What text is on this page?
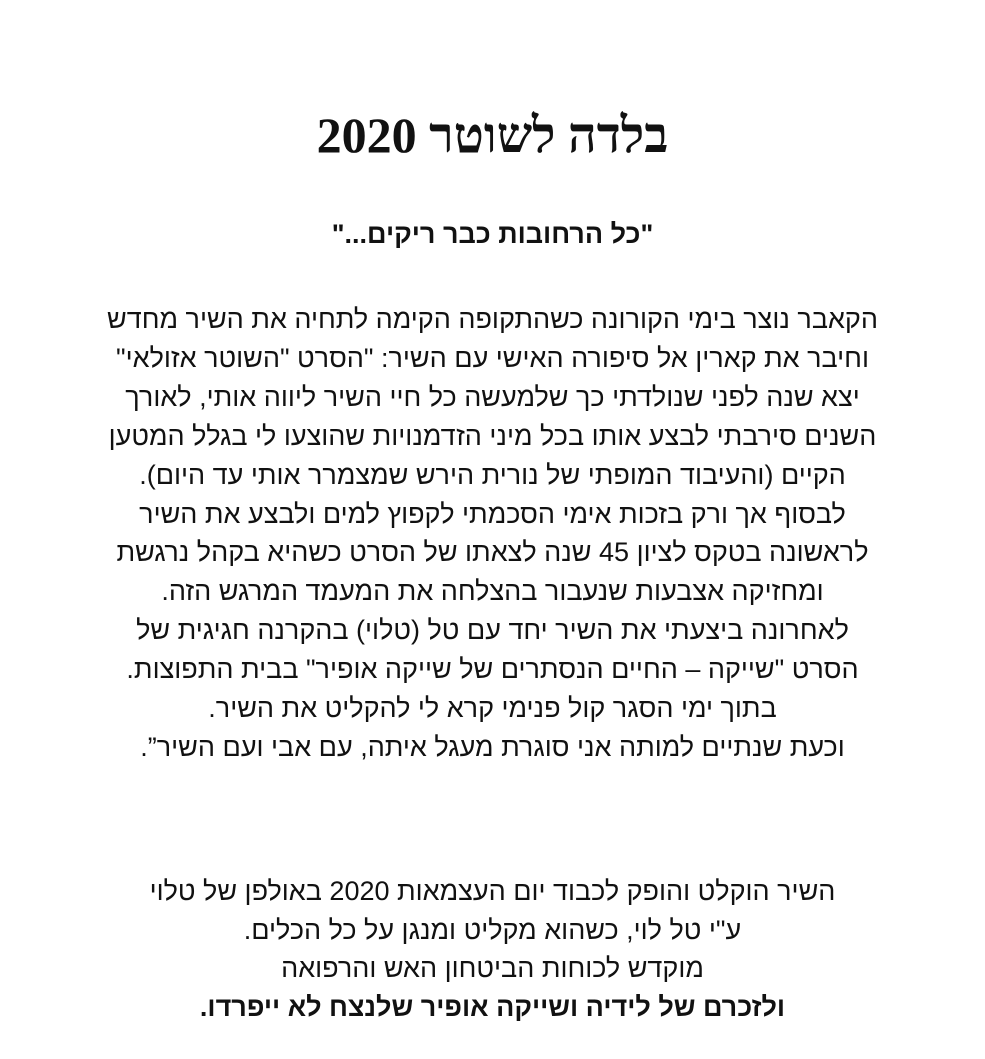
בלדה לשוטר 2020
"כל הרחובות כבר ריקים..."
הקאבר נוצר בימי הקורונה כשהתקופה הקימה לתחיה את השיר מחדש
וחיבר את קארין אל סיפורה האישי עם השיר: "הסרט "השוטר אזולאי"
יצא שנה לפני שנולדתי כך שלמעשה כל חיי השיר ליווה אותי, לאורך
השנים סירבתי לבצע אותו בכל מיני הזדמנויות שהוצעו לי בגלל המטען
הקיים (והעיבוד המופתי של נורית הירש שמצמרר אותי עד היום).
לבסוף אך ורק בזכות אימי הסכמתי לקפוץ למים ולבצע את השיר
לראשונה בטקס לציון 45 שנה לצאתו של הסרט כשהיא בקהל נרגשת
ומחזיקה אצבעות שנעבור בהצלחה את המעמד המרגש הזה.
לאחרונה ביצעתי את השיר יחד עם טל (טלוי) בהקרנה חגיגית של
הסרט "שייקה – החיים הנסתרים של שייקה אופיר" בבית התפוצות.
בתוך ימי הסגר קול פנימי קרא לי להקליט את השיר.
וכעת שנתיים למותה אני סוגרת מעגל איתה, עם אבי ועם השיר”.
השיר הוקלט והופק לכבוד יום העצמאות 2020 באולפן של טלוי
ע"י טל לוי, כשהוא מקליט ומנגן על כל הכלים.
מוקדש לכוחות הביטחון האש והרפואה
ולזכרם של לידיה ושייקה אופיר שלנצח לא ייפרדו.
